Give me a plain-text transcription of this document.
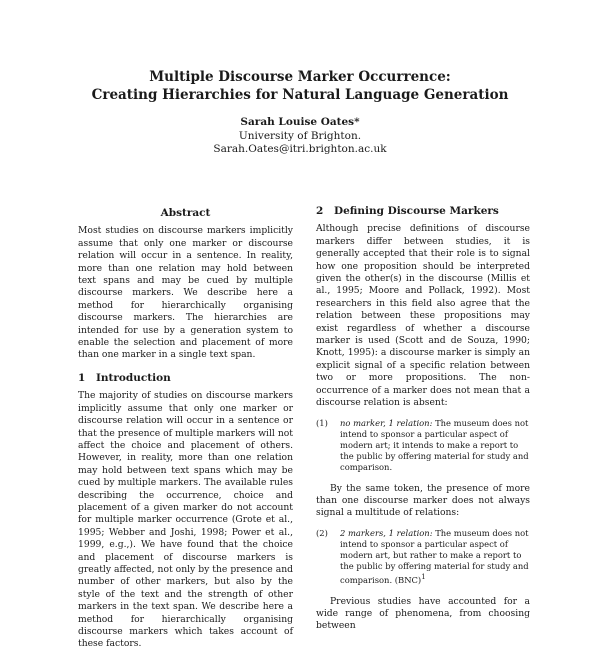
Multiple Discourse Marker Occurrence:
Creating Hierarchies for Natural Language Generation
Sarah Louise Oates*
University of Brighton.
Sarah.Oates@itri.brighton.ac.uk
Abstract

Most studies on discourse markers implicitly assume that only one marker or discourse relation will occur in a sentence. In reality, more than one relation may hold between text spans and may be cued by multiple discourse markers. We describe here a method for hierarchically organising discourse markers. The hierarchies are intended for use by a generation system to enable the selection and placement of more than one marker in a single text span.

1 Introduction

The majority of studies on discourse markers implicitly assume that only one marker or discourse relation will occur in a sentence or that the presence of multiple markers will not affect the choice and placement of others. However, in reality, more than one relation may hold between text spans which may be cued by multiple markers. The available rules describing the occurrence, choice and placement of a given marker do not account for multiple marker occurrence (Grote et al., 1995; Webber and Joshi, 1998; Power et al., 1999, e.g.,). We have found that the choice and placement of discourse markers is greatly affected, not only by the presence and number of other markers, but also by the style of the text and the strength of other markers in the text span. We describe here a method for hierarchically organising discourse markers which takes account of these factors.

2 Defining Discourse Markers

Although precise definitions of discourse markers differ between studies, it is generally accepted that their role is to signal how one proposition should be interpreted given the other(s) in the discourse (Millis et al., 1995; Moore and Pollack, 1992). Most researchers in this field also agree that the relation between these propositions may exist regardless of whether a discourse marker is used (Scott and de Souza, 1990; Knott, 1995): a discourse marker is simply an explicit signal of a specific relation between two or more propositions. The non-occurrence of a marker does not mean that a discourse relation is absent:

(1)	no marker, 1 relation: The museum does not intend to sponsor a particular aspect of modern art; it intends to make a report to the public by offering material for study and comparison.

By the same token, the presence of more than one discourse marker does not always signal a multitude of relations:

(2)	2 markers, 1 relation: The museum does not intend to sponsor a particular aspect of modern art, but rather to make a report to the public by offering material for study and comparison. (BNC)$^1$

Previous studies have accounted for a wide range of phenomena, from choosing between
